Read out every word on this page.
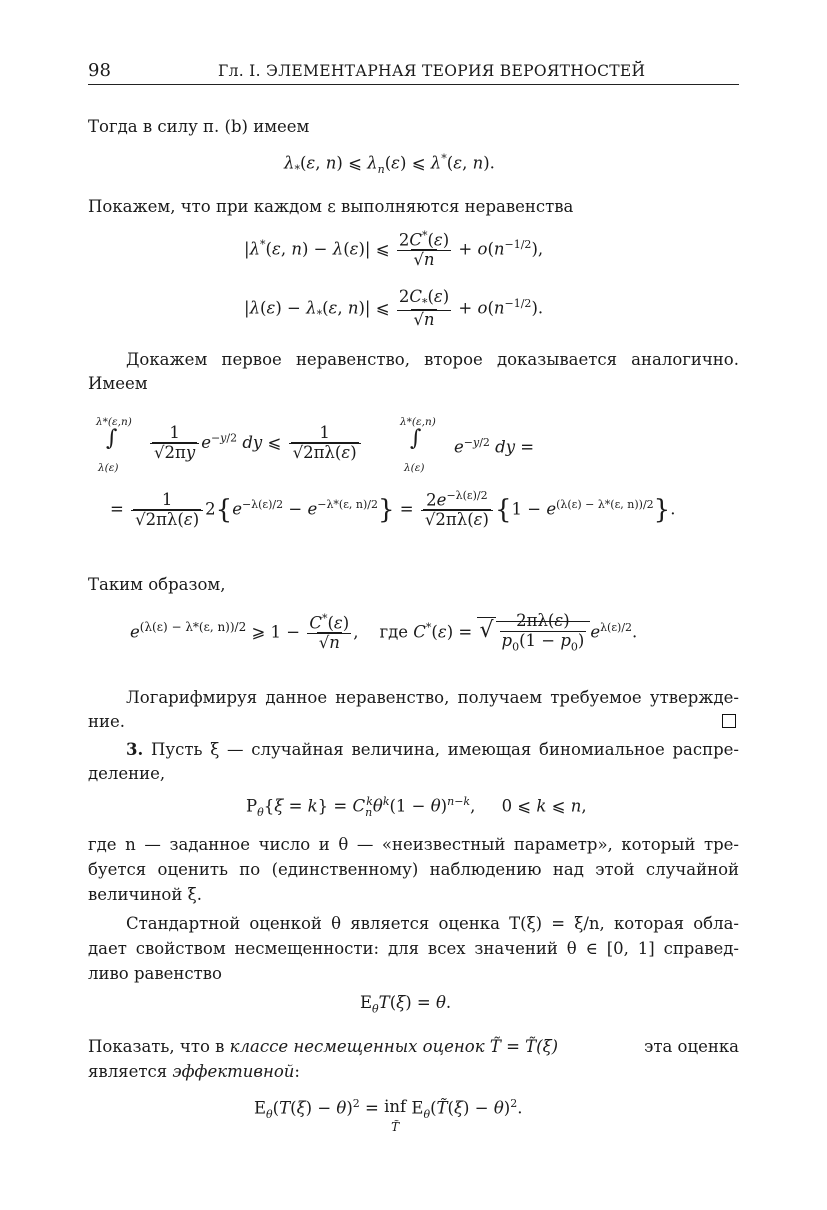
98	Гл. I. ЭЛЕМЕНТАРНАЯ ТЕОРИЯ ВЕРОЯТНОСТЕЙ
Тогда в силу п. (b) имеем
$\lambda_*(\varepsilon$, n) ⩽ $\lambda_n(\varepsilon)$ ⩽ λ*(ε, n).
Покажем, что при каждом ε выполняются неравенства
|λ*(ε, n) − λ(ε)| ⩽ $\frac{2C^*(\varepsilon)}{√n} + o(n^{-1/2})$,
$|\lambda(\varepsilon) - \lambda_*(\varepsilon$, n)| ⩽ $\frac{2C_*(\varepsilon)}{√n} + o(n^{-1/2})$.
Докажем первое неравенство, второе доказывается аналогично.
Имеем
λ*(ε,n)
∫
λ(ε)
$\frac{1}{√2\pi y} e^{-y/2}$ dy ⩽ $\frac{1}{√2\pi\lambda(\varepsilon)}$
λ*(ε,n)
∫
λ(ε)
$e^{-y/2}$ dy =
= $\frac{1}{√2\pi\lambda(\varepsilon)} 2\{e^{-\lambda(\varepsilon)/2} - e^{-\lambda*(\varepsilon, n)/2}\} = \frac{2e^{-\lambda(\varepsilon)/2}}{√2\pi\lambda(\varepsilon)} \{1 - e^{(\lambda(\varepsilon) - \lambda*(\varepsilon, n))/2}\}$.
Таким образом,
$e^{(\lambda(\varepsilon) - \lambda*(\varepsilon, n))/2}$ ⩾ $1 - \frac{C^*(\varepsilon)}{√n}$ ,    где C*(ε) = √ $\frac{2\pi\lambda(\varepsilon)}{p_0(1 - p_0)} e^{\lambda(\varepsilon)/2}$.
Логарифмируя данное неравенство, получаем требуемое утвержде-
ние.
3. Пусть ξ — случайная величина, имеющая биномиальное распре-
деление,
$P_\theta\{\xi = k\} = C_n^k\theta^k(1 - \theta)^{n-k}$,     0 ⩽ k ⩽ n,
где n — заданное число и θ — «неизвестный параметр», который тре-
буется оценить по (единственному) наблюдению над этой случайной
величиной ξ.
Стандартной оценкой θ является оценка T(ξ) = ξ/n, которая обла-
дает свойством несмещенности: для всех значений θ ∈ [0, 1] справед-
ливо равенство
$E_\theta T(\xi) = \theta$.
Показать, что в классе несмещенных оценок T̃ = T̃(ξ)	эта оценка
является эффективной:
$E_\theta(T(\xi) - \theta)^2$ = inf
T̃ $E_\theta(T̃(\xi) - \theta)^2$.
